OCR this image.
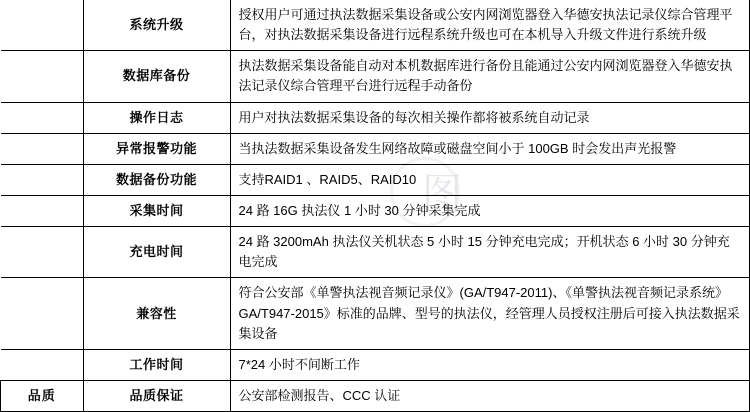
图
	系统升级	授权用户可通过执法数据采集设备或公安内网浏览器登入华德安执法记录仪综合管理平台，对执法数据采集设备进行远程系统升级也可在本机导入升级文件进行系统升级
	数据库备份	执法数据采集设备能自动对本机数据库进行备份且能通过公安内网浏览器登入华德安执法记录仪综合管理平台进行远程手动备份
	操作日志	用户对执法数据采集设备的每次相关操作都将被系统自动记录
	异常报警功能	当执法数据采集设备发生网络故障或磁盘空间小于 100GB 时会发出声光报警
	数据备份功能	支持RAID1 、RAID5、RAID10
	采集时间	24 路 16G 执法仪 1 小时 30 分钟采集完成
	充电时间	24 路 3200mAh 执法仪关机状态 5 小时 15 分钟充电完成；开机状态 6 小时 30 分钟充电完成
	兼容性	符合公安部《单警执法视音频记录仪》(GA/T947-2011)、《单警执法视音频记录系统》GA/T947-2015》标准的品牌、型号的执法仪，经管理人员授权注册后可接入执法数据采集设备
	工作时间	7*24 小时不间断工作
品质	品质保证	公安部检测报告、CCC 认证
